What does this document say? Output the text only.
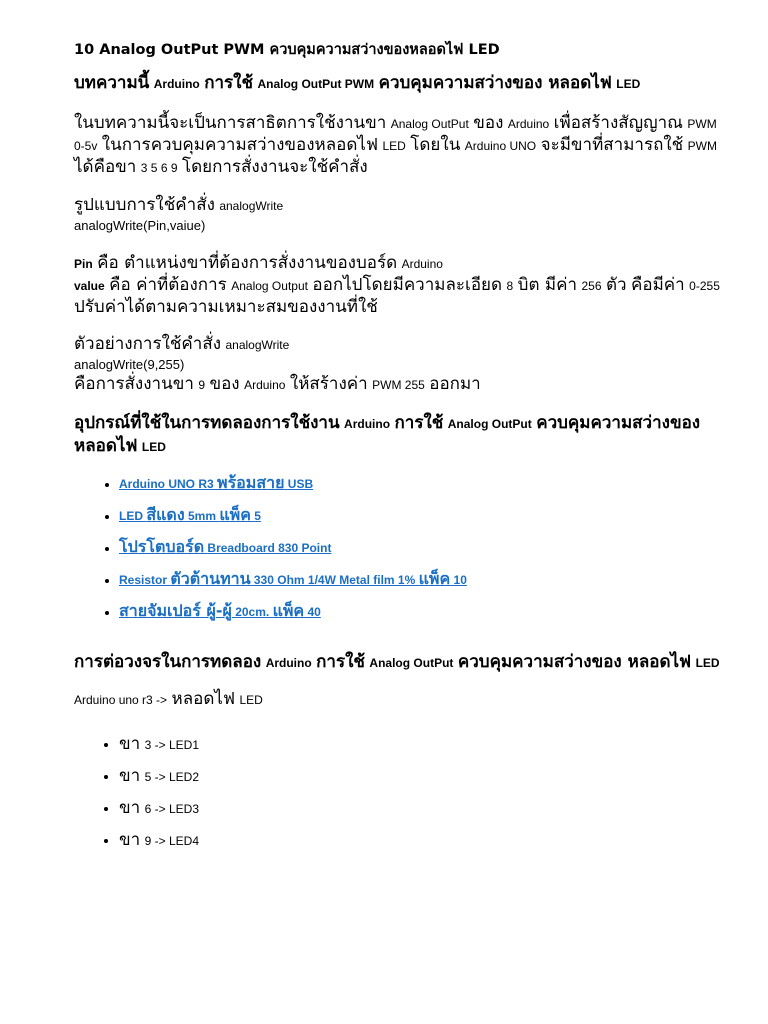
10 Analog OutPut PWM ควบคุมความสว่างของหลอดไฟ LED
บทความนี้ Arduino การใช้ Analog OutPut PWM ควบคุมความสว่างของ หลอดไฟ LED
ในบทความนี้จะเป็นการสาธิตการใช้งานขา Analog OutPut ของ Arduino เพื่อสร้างสัญญาณ PWM 0-5v ในการควบคุมความสว่างของหลอดไฟ LED โดยใน Arduino UNO จะมีขาที่สามารถใช้ PWM ได้คือขา 3 5 6 9 โดยการสั่งงานจะใช้คำสั่ง
รูปแบบการใช้คำสั่ง analogWrite
analogWrite(Pin,vaiue)
Pin คือ ตำแหน่งขาที่ต้องการสั่งงานของบอร์ด Arduino
value คือ ค่าที่ต้องการ Analog Output ออกไปโดยมีความละเอียด 8 บิต มีค่า 256 ตัว คือมีค่า 0-255 ปรับค่าได้ตามความเหมาะสมของงานที่ใช้
ตัวอย่างการใช้คำสั่ง analogWrite
analogWrite(9,255)
คือการสั่งงานขา 9 ของ Arduino ให้สร้างค่า PWM 255 ออกมา
อุปกรณ์ที่ใช้ในการทดลองการใช้งาน Arduino การใช้ Analog OutPut ควบคุมความสว่างของ หลอดไฟ LED
• Arduino UNO R3 พร้อมสาย USB
• LED สีแดง 5mm แพ็ค 5
• โปรโตบอร์ด Breadboard 830 Point
• Resistor ตัวต้านทาน 330 Ohm 1/4W Metal film 1% แพ็ค 10
• สายจัมเปอร์ ผู้-ผู้ 20cm. แพ็ค 40
การต่อวงจรในการทดลอง Arduino การใช้ Analog OutPut ควบคุมความสว่างของ หลอดไฟ LED
Arduino uno r3 -> หลอดไฟ LED
• ขา 3 -> LED1
• ขา 5 -> LED2
• ขา 6 -> LED3
• ขา 9 -> LED4
